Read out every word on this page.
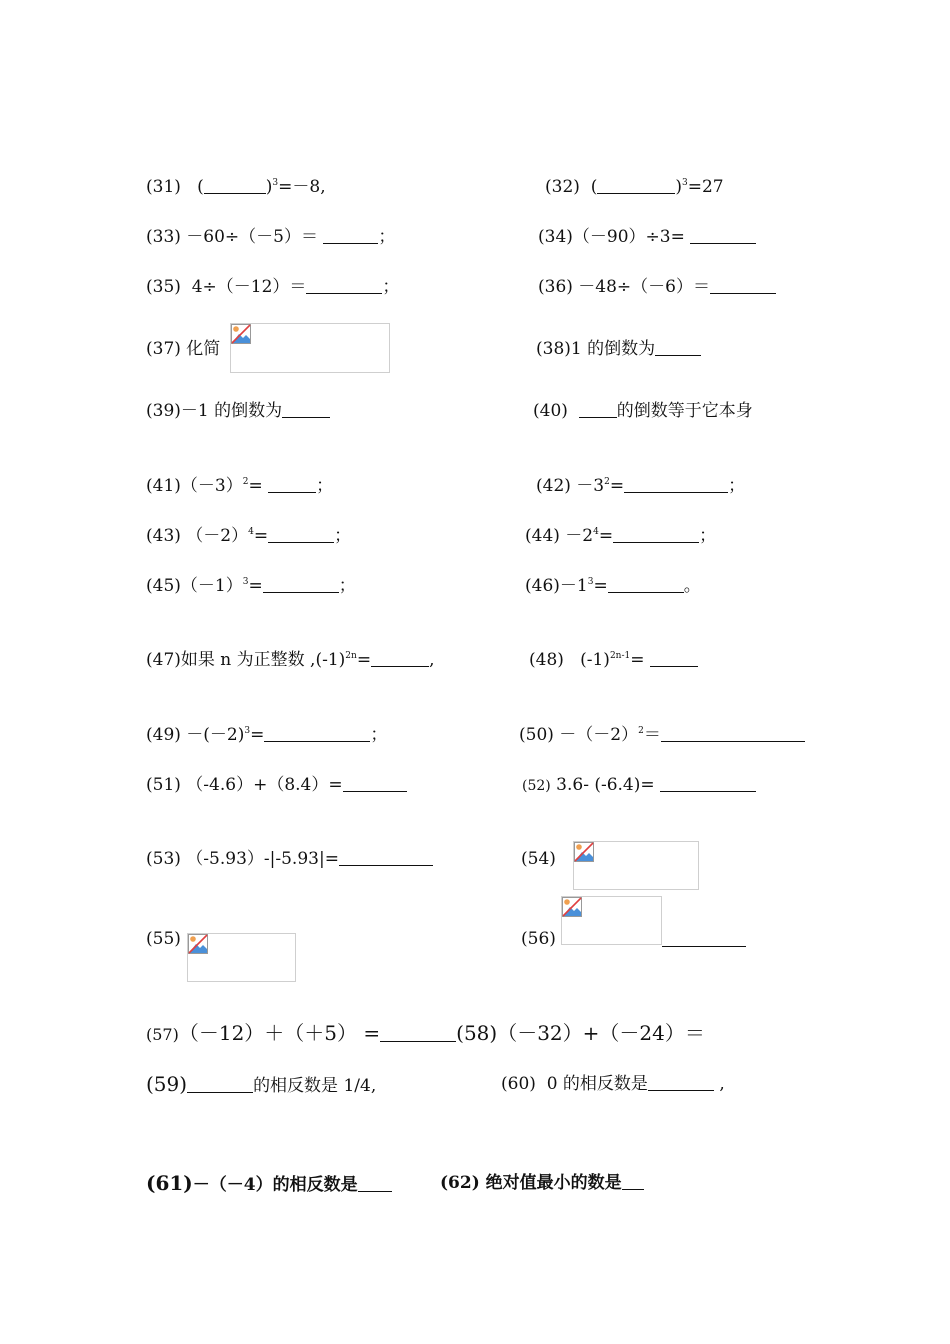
(31) (	)$^3$=－8,	(32) (	)$^3$=27
(33) －60÷（－5）＝	；	(34)（－90）÷3=
(35)  4÷（－12）＝	；	(36) －48÷（－6）＝
(37) 化简	(38)1 的倒数为
(39)－1 的倒数为	(40)  的倒数等于它本身
$(41)(-3)^2=$	；	$(42) -3^2=$	；
(43) $(-2)^4=$	；	$(44) -2^4=$	；
$(45)(-1)^3=$	；	$(46)-1^3=$	。
(47)如果 n 为正整数 $,(-1)^{2n}=$	,	(48)   $(-1)^{2n-1}=$
$(49) -(-2)^3=$	；	$(50) -(-2)^2=$
(51) （-4.6）+（8.4）=	(52) 3.6- (-6.4)=
(53) （-5.93）-|-5.93|=	(54)
(55)	(56)
(57)（－12）＋（＋5） =	(58)（－32）+（－24）＝
(59)	的相反数是 1/4,	(60)  0 的相反数是	,
(61)－（－4）的相反数是	(62) 绝对值最小的数是
